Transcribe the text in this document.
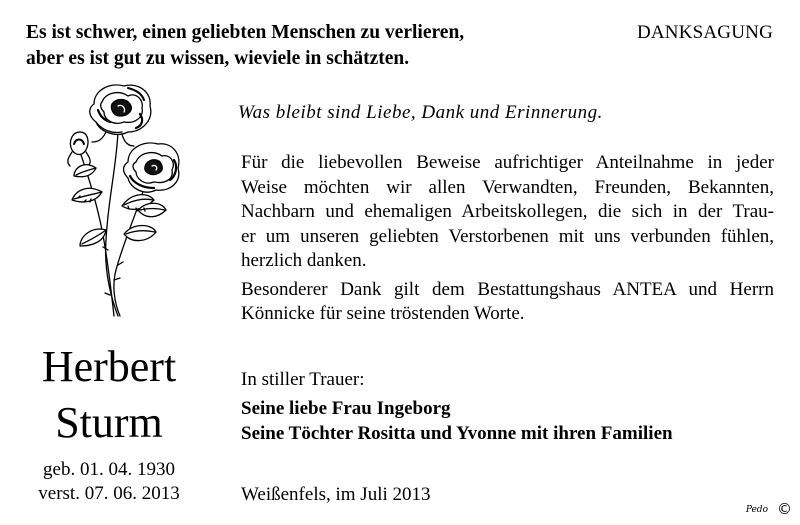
Es ist schwer, einen geliebten Menschen zu verlieren,
aber es ist gut zu wissen, wieviele in schätzten.
DANKSAGUNG
Herbert
Sturm
geb. 01. 04. 1930
verst. 07. 06. 2013
Was bleibt sind Liebe, Dank und Erinnerung.

Für die liebevollen Beweise aufrichtiger Anteilnahme in jeder
Weise möchten wir allen Verwandten, Freunden, Bekannten,
Nachbarn und ehemaligen Arbeitskollegen, die sich in der Trau-
er um unseren geliebten Verstorbenen mit uns verbunden fühlen,
herzlich danken.

Besonderer Dank gilt dem Bestattungshaus ANTEA und Herrn
Könnicke für seine tröstenden Worte.

In stiller Trauer:
Seine liebe Frau Ingeborg
Seine Töchter Rositta und Yvonne mit ihren Familien
Weißenfels, im Juli 2013
Pedo ©
